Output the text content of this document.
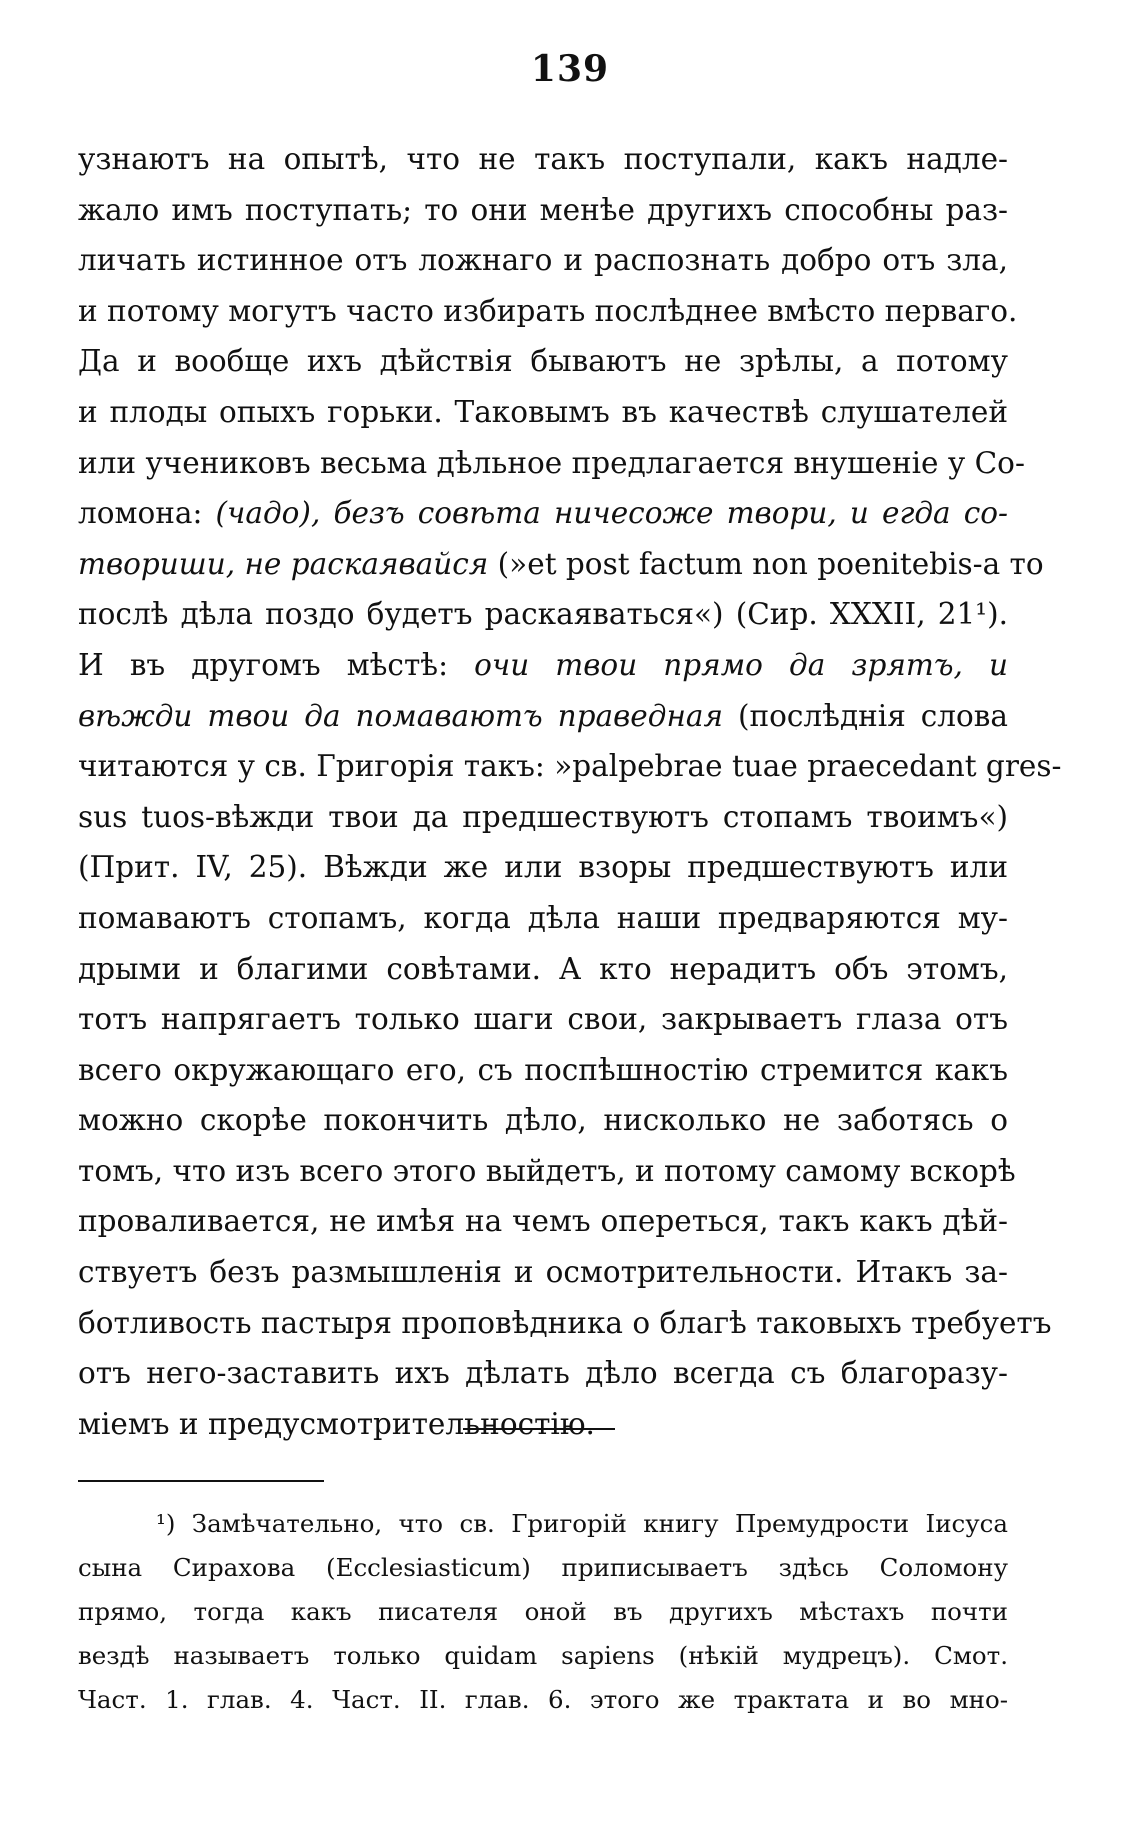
139
узнаютъ на опытѣ, что не такъ поступали, какъ надле-
жало имъ поступать; то они менѣе другихъ способны раз-
личать истинное отъ ложнаго и распознать добро отъ зла,
и потому могутъ часто избирать послѣднее вмѣсто перваго.
Да и вообще ихъ дѣйствія бываютъ не зрѣлы, а потому
и плоды опыхъ горьки. Таковымъ въ качествѣ слушателей
или учениковъ весьма дѣльное предлагается внушеніе у Со-
ломона: (чадо), безъ совѣта ничесоже твори, и егда со-
твориши, не раскаявайся (»et post factum non poenitebis-а то
послѣ дѣла поздо будетъ раскаяваться«) (Сир. XXXII, 21¹).
И въ другомъ мѣстѣ: очи твои прямо да зрятъ, и
вѣжди твои да помаваютъ праведная (послѣднія слова
читаются у св. Григорія такъ: »palpebrae tuae praecedant gres-
sus tuos-вѣжди твои да предшествуютъ стопамъ твоимъ«)
(Прит. IV, 25). Вѣжди же или взоры предшествуютъ или
помаваютъ стопамъ, когда дѣла наши предваряются му-
дрыми и благими совѣтами. А кто нерадитъ объ этомъ,
тотъ напрягаетъ только шаги свои, закрываетъ глаза отъ
всего окружающаго его, съ поспѣшностію стремится какъ
можно скорѣе покончить дѣло, нисколько не заботясь о
томъ, что изъ всего этого выйдетъ, и потому самому вскорѣ
проваливается, не имѣя на чемъ опереться, такъ какъ дѣй-
ствуетъ безъ размышленія и осмотрительности. Итакъ за-
ботливость пастыря проповѣдника о благѣ таковыхъ требуетъ
отъ него-заставить ихъ дѣлать дѣло всегда съ благоразу-
міемъ и предусмотрительностію.
¹) Замѣчательно, что св. Григорій книгу Премудрости Іисуса
сына Сирахова (Ecclesiasticum) приписываетъ здѣсь Соломону
прямо, тогда какъ писателя оной въ другихъ мѣстахъ почти
вездѣ называетъ только quidam sapiens (нѣкій мудрецъ). Смот.
Част. 1. глав. 4. Част. II. глав. 6. этого же трактата и во мно-
